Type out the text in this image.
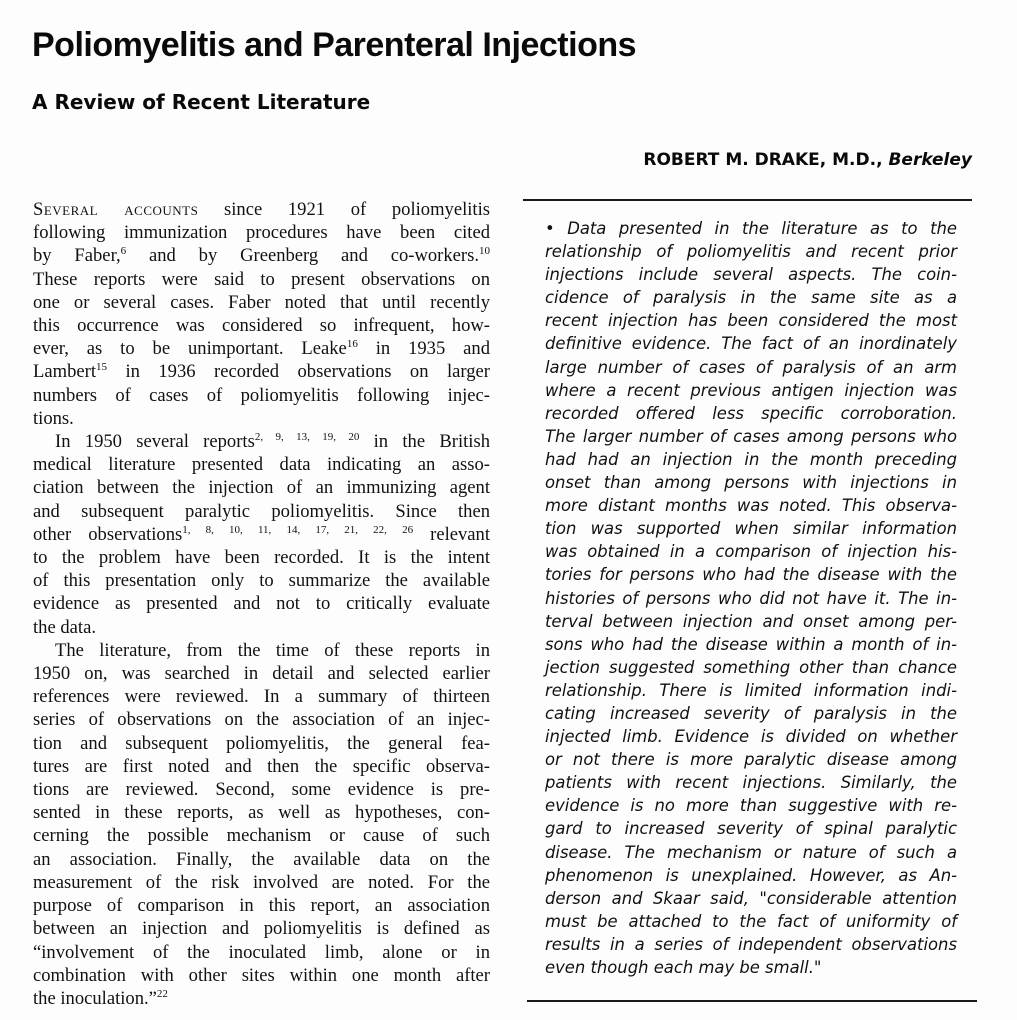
Poliomyelitis and Parenteral Injections
A Review of Recent Literature
ROBERT M. DRAKE, M.D., Berkeley
Several accounts since 1921 of poliomyelitis
following immunization procedures have been cited
by Faber,$^6$ and by Greenberg and co-workers.$^{10}$
These reports were said to present observations on
one or several cases. Faber noted that until recently
this occurrence was considered so infrequent, how-
ever, as to be unimportant. Leake$^{16}$ in 1935 and
Lambert$^{15}$ in 1936 recorded observations on larger
numbers of cases of poliomyelitis following injec-
tions.
In 1950 several reports$^{2, 9, 13, 19, 20}$ in the British
medical literature presented data indicating an asso-
ciation between the injection of an immunizing agent
and subsequent paralytic poliomyelitis. Since then
other observations$^{1, 8, 10, 11, 14, 17, 21, 22, 26}$ relevant
to the problem have been recorded. It is the intent
of this presentation only to summarize the available
evidence as presented and not to critically evaluate
the data.
The literature, from the time of these reports in
1950 on, was searched in detail and selected earlier
references were reviewed. In a summary of thirteen
series of observations on the association of an injec-
tion and subsequent poliomyelitis, the general fea-
tures are first noted and then the specific observa-
tions are reviewed. Second, some evidence is pre-
sented in these reports, as well as hypotheses, con-
cerning the possible mechanism or cause of such
an association. Finally, the available data on the
measurement of the risk involved are noted. For the
purpose of comparison in this report, an association
between an injection and poliomyelitis is defined as
“involvement of the inoculated limb, alone or in
combination with other sites within one month after
the inoculation.”$^{22}$
• Data presented in the literature as to the
relationship of poliomyelitis and recent prior
injections include several aspects. The coin-
cidence of paralysis in the same site as a
recent injection has been considered the most
definitive evidence. The fact of an inordinately
large number of cases of paralysis of an arm
where a recent previous antigen injection was
recorded offered less specific corroboration.
The larger number of cases among persons who
had had an injection in the month preceding
onset than among persons with injections in
more distant months was noted. This observa-
tion was supported when similar information
was obtained in a comparison of injection his-
tories for persons who had the disease with the
histories of persons who did not have it. The in-
terval between injection and onset among per-
sons who had the disease within a month of in-
jection suggested something other than chance
relationship. There is limited information indi-
cating increased severity of paralysis in the
injected limb. Evidence is divided on whether
or not there is more paralytic disease among
patients with recent injections. Similarly, the
evidence is no more than suggestive with re-
gard to increased severity of spinal paralytic
disease. The mechanism or nature of such a
phenomenon is unexplained. However, as An-
derson and Skaar said, "considerable attention
must be attached to the fact of uniformity of
results in a series of independent observations
even though each may be small."
